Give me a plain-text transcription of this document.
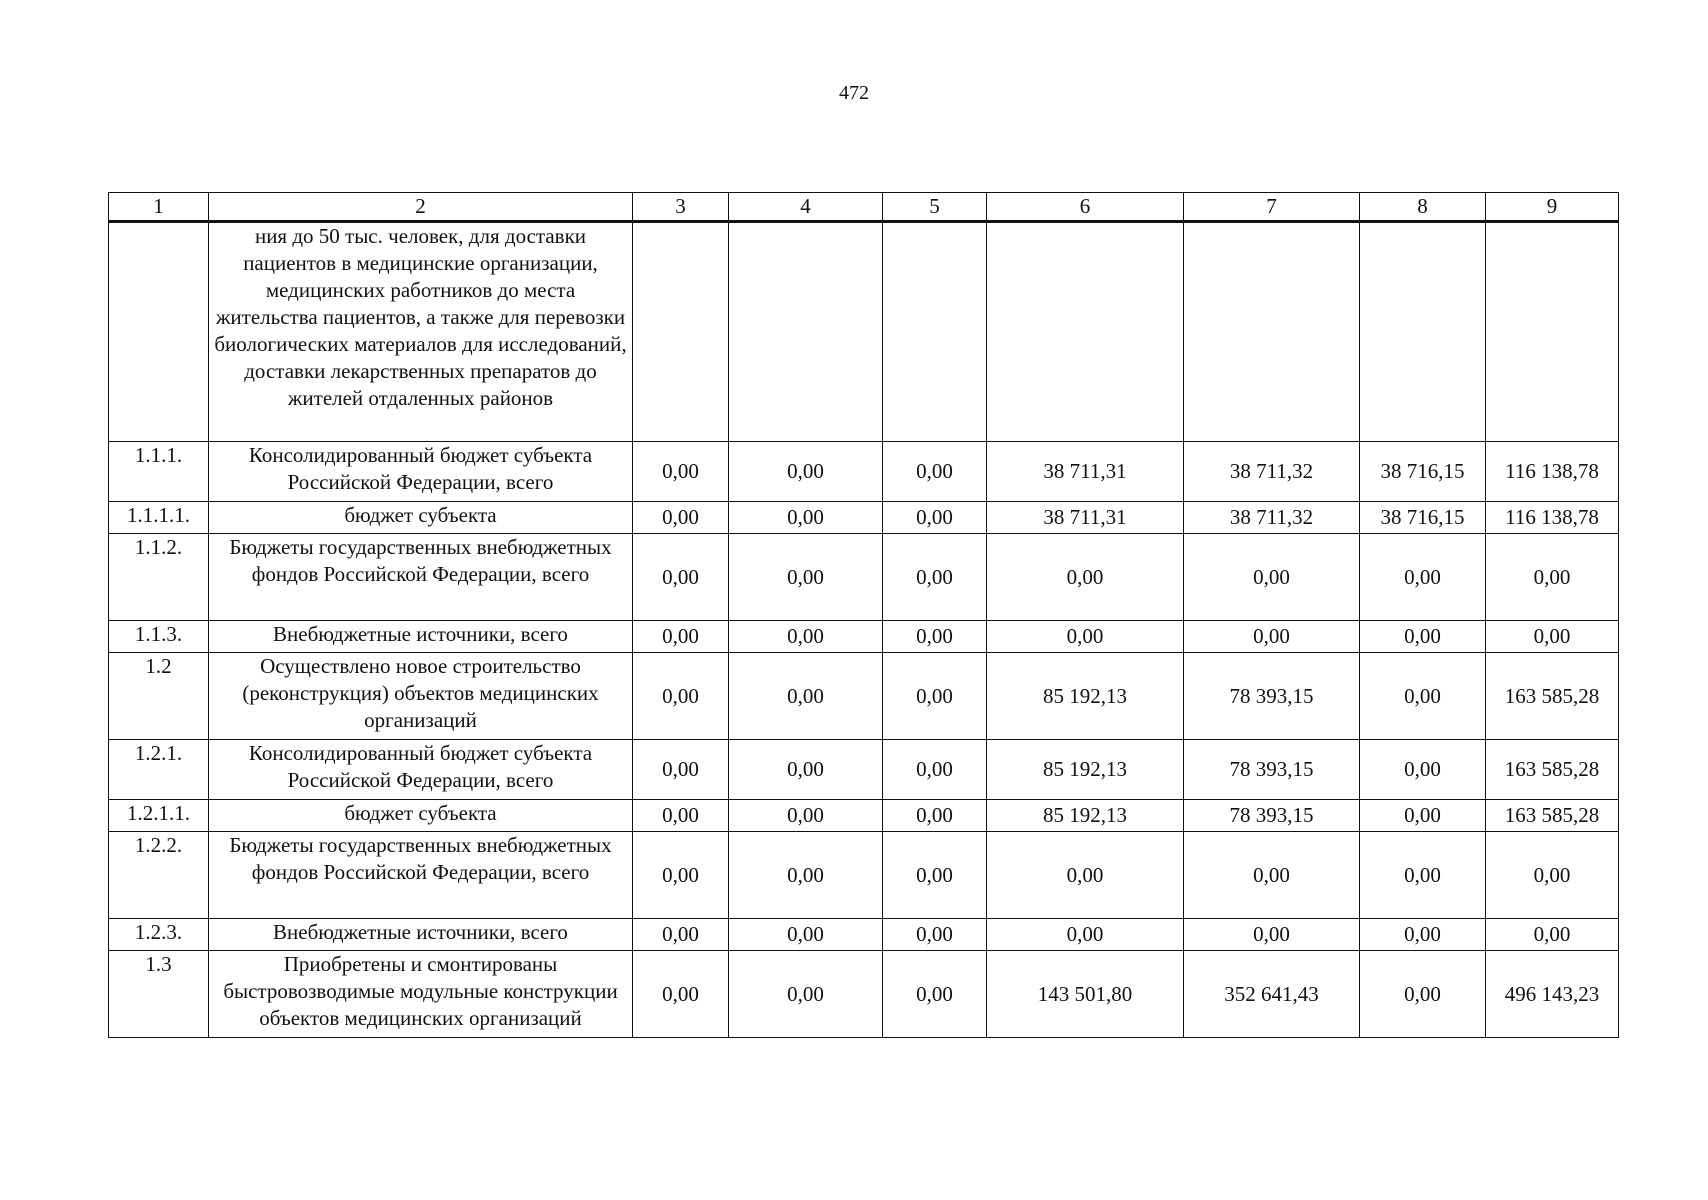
472
1	2	3	4	5	6	7	8	9
	ния до 50 тыс. человек, для доставки пациентов в медицинские организации, медицинских работников до места жительства пациентов, а также для перевозки биологических материалов для исследований, доставки лекарственных препаратов до жителей отдаленных районов							
1.1.1.	Консолидированный бюджет субъекта Российской Федерации, всего	0,00	0,00	0,00	38 711,31	38 711,32	38 716,15	116 138,78
1.1.1.1.	бюджет субъекта	0,00	0,00	0,00	38 711,31	38 711,32	38 716,15	116 138,78
1.1.2.	Бюджеты государственных внебюджетных фондов Российской Федерации, всего	0,00	0,00	0,00	0,00	0,00	0,00	0,00
1.1.3.	Внебюджетные источники, всего	0,00	0,00	0,00	0,00	0,00	0,00	0,00
1.2	Осуществлено новое строительство (реконструкция) объектов медицинских организаций	0,00	0,00	0,00	85 192,13	78 393,15	0,00	163 585,28
1.2.1.	Консолидированный бюджет субъекта Российской Федерации, всего	0,00	0,00	0,00	85 192,13	78 393,15	0,00	163 585,28
1.2.1.1.	бюджет субъекта	0,00	0,00	0,00	85 192,13	78 393,15	0,00	163 585,28
1.2.2.	Бюджеты государственных внебюджетных фондов Российской Федерации, всего	0,00	0,00	0,00	0,00	0,00	0,00	0,00
1.2.3.	Внебюджетные источники, всего	0,00	0,00	0,00	0,00	0,00	0,00	0,00
1.3	Приобретены и смонтированы быстровозводимые модульные конструкции объектов медицинских организаций	0,00	0,00	0,00	143 501,80	352 641,43	0,00	496 143,23
